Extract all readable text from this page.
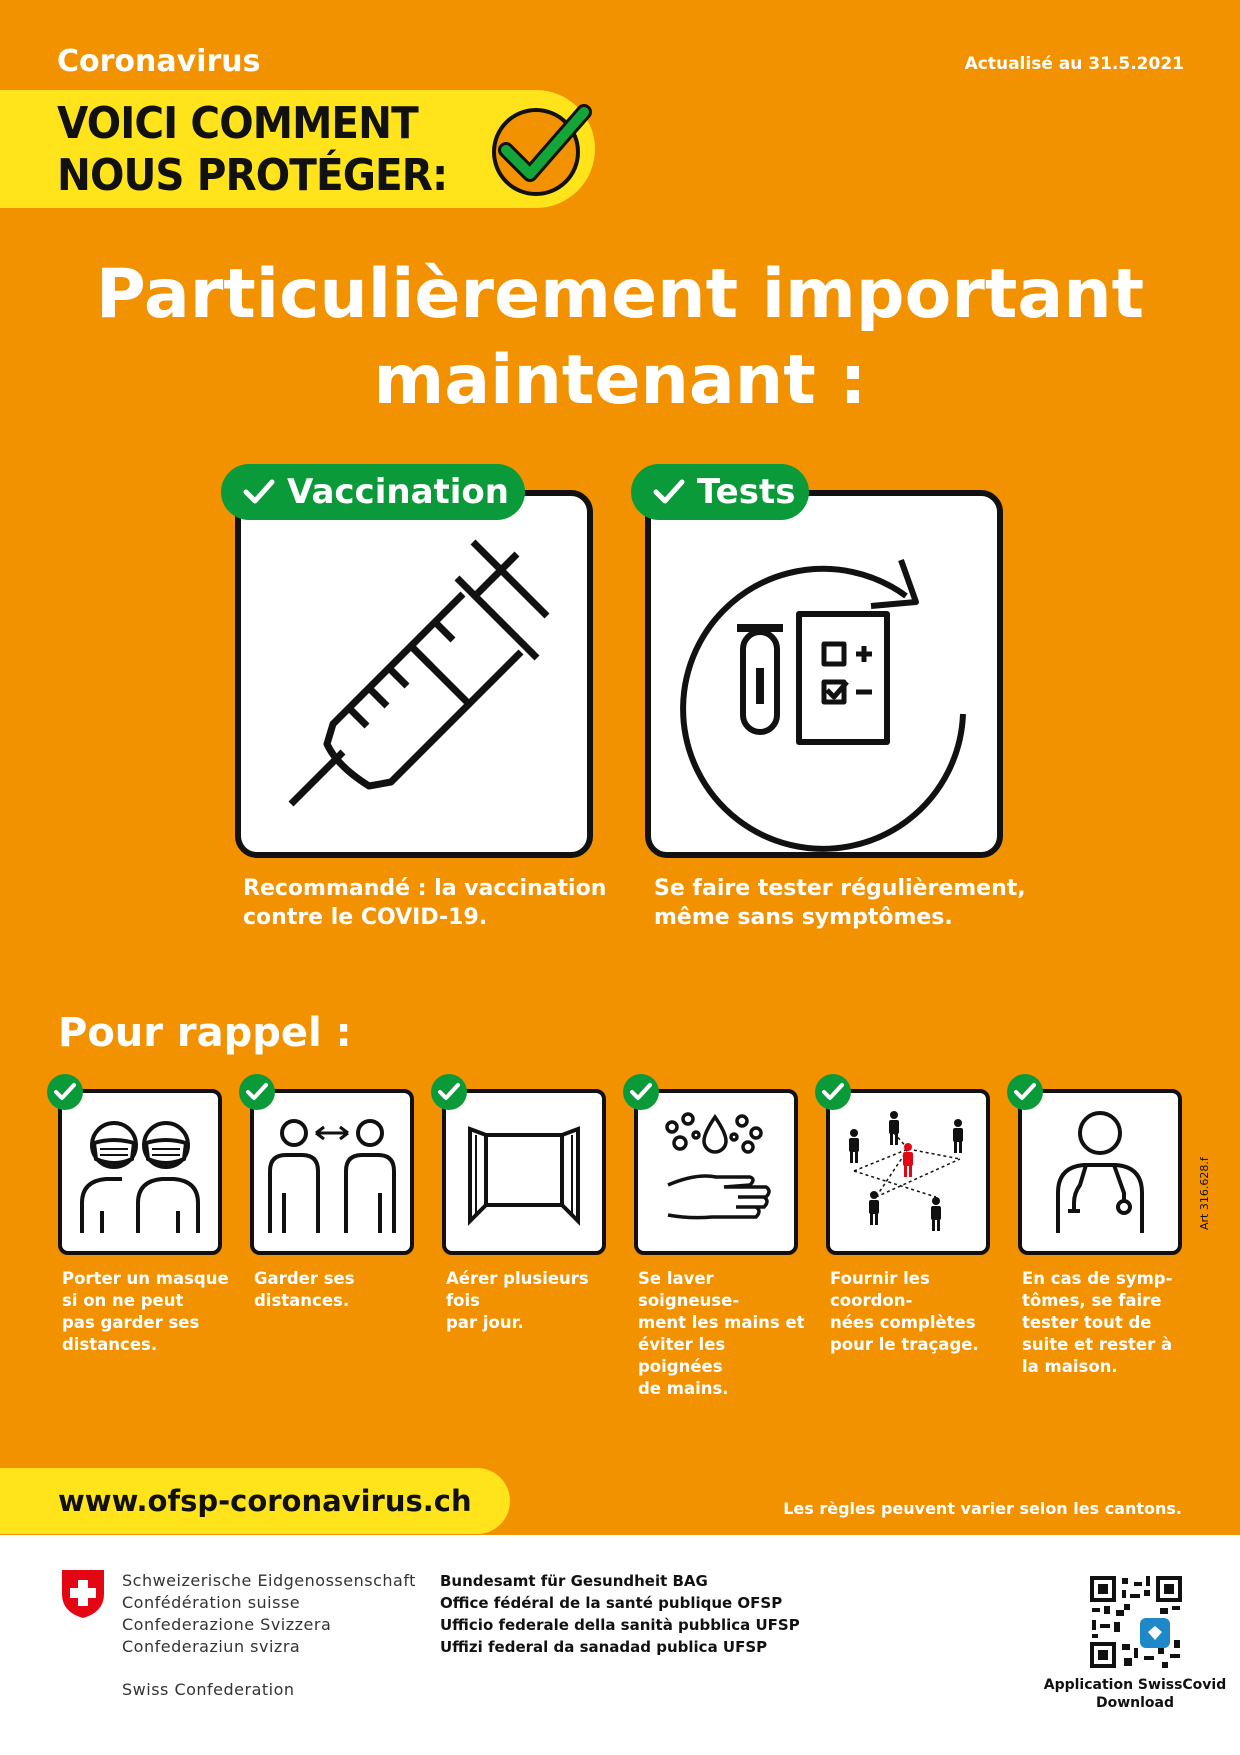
Coronavirus	Actualisé au 31.5.2021
VOICI COMMENT
NOUS PROTÉGER:
Particulièrement important
maintenant :
Vaccination
Recommandé : la vaccination
contre le COVID-19.
Tests
Se faire tester régulièrement,
même sans symptômes.
Pour rappel :
Porter un masque
si on ne peut
pas garder ses
distances.
Garder ses
distances.
Aérer plusieurs fois
par jour.
Se laver soigneuse-
ment les mains et
éviter les poignées
de mains.
Fournir les coordon-
nées complètes
pour le traçage.
En cas de symp-
tômes, se faire
tester tout de
suite et rester à
la maison.
Art 316.628.f
www.ofsp-coronavirus.ch	Les règles peuvent varier selon les cantons.
Schweizerische Eidgenossenschaft
Confédération suisse
Confederazione Svizzera
Confederaziun svizra
Swiss Confederation
Bundesamt für Gesundheit BAG
Office fédéral de la santé publique OFSP
Ufficio federale della sanità pubblica UFSP
Uffizi federal da sanadad publica UFSP
Application SwissCovid
Download
